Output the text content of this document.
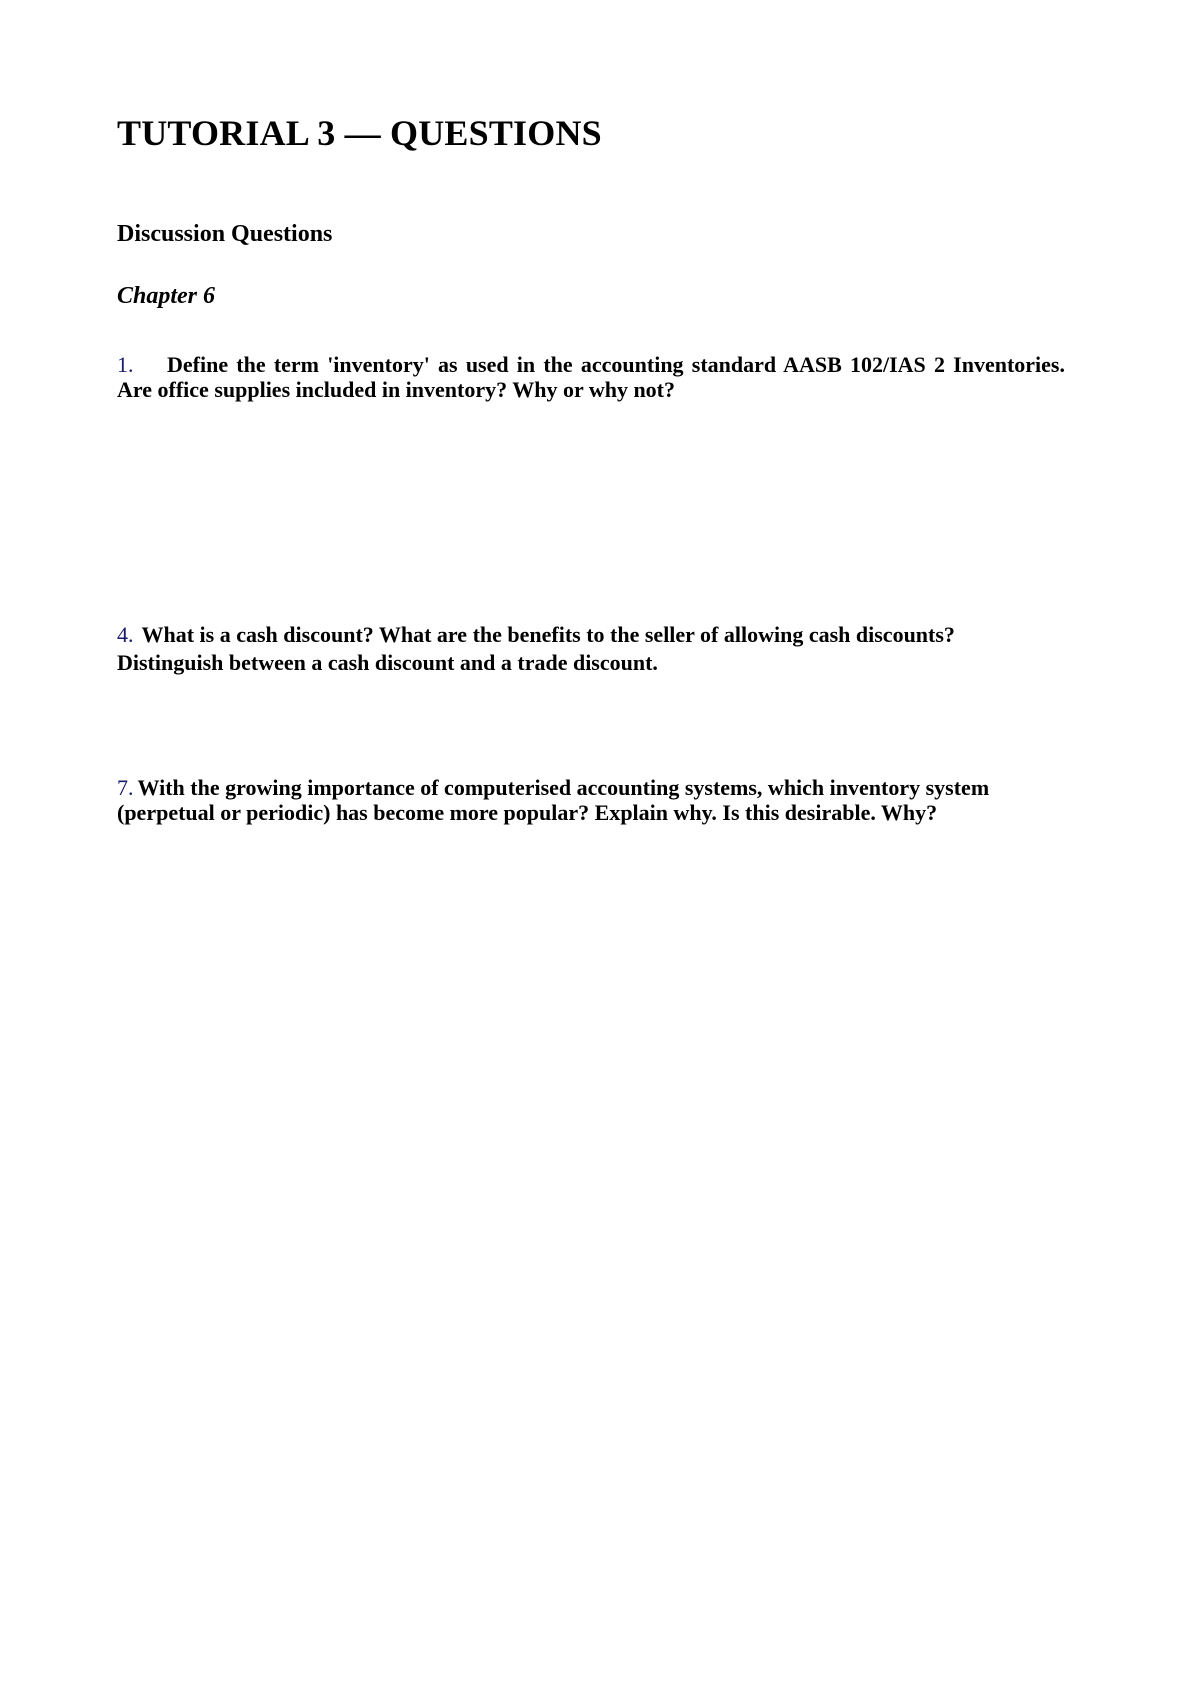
TUTORIAL 3 — QUESTIONS
Discussion Questions
Chapter 6

1. Define the term 'inventory' as used in the accounting standard AASB 102/IAS 2 Inventories. Are office supplies included in inventory? Why or why not?

4. What is a cash discount? What are the benefits to the seller of allowing cash discounts? Distinguish between a cash discount and a trade discount.

7. With the growing importance of computerised accounting systems, which inventory system (perpetual or periodic) has become more popular? Explain why. Is this desirable. Why?
